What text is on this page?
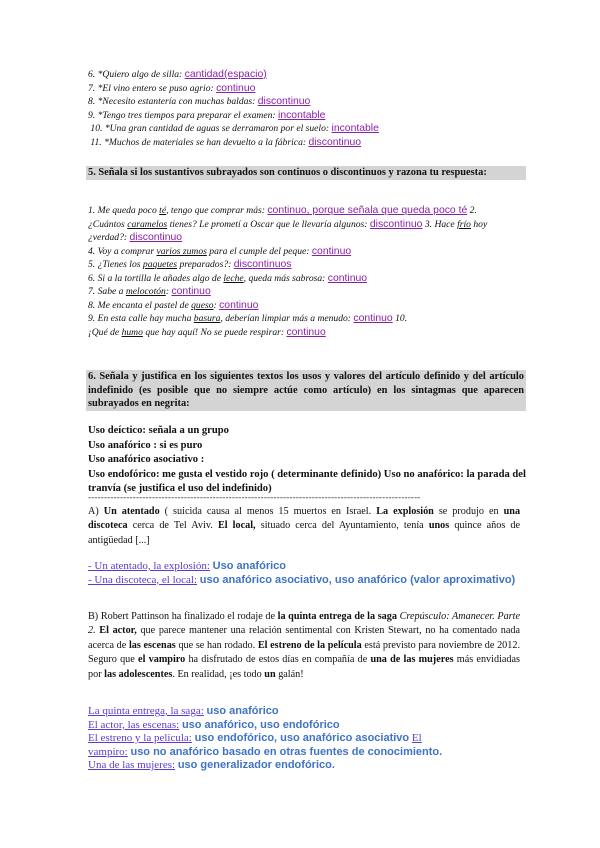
6. *Quiero algo de silla: cantidad(espacio)

7. *El vino entero se puso agrio: continuo

8. *Necesito estantería con muchas baldas: discontinuo

9. *Tengo tres tiempos para preparar el examen: incontable

10. *Una gran cantidad de aguas se derramaron por el suelo: incontable

11. *Muchos de materiales se han devuelto a la fábrica: discontinuo

5. Señala si los sustantivos subrayados son continuos o discontinuos y razona tu respuesta:

1. Me queda poco té, tengo que comprar más: continuo, porque señala que queda poco té 2.

¿Cuántos caramelos tienes? Le prometí a Oscar que le llevaría algunos: discontinuo 3. Hace frío hoy

¿verdad?: discontinuo

4. Voy a comprar varios zumos para el cumple del peque: continuo

5. ¿Tienes los paquetes preparados?: discontinuos

6. Si a la tortilla le añades algo de leche, queda más sabrosa: continuo

7. Sabe a melocotón: continuo

8. Me encanta el pastel de queso: continuo

9. En esta calle hay mucha basura, deberían limpiar más a menudo: continuo 10.

¡Qué de humo que hay aquí! No se puede respirar: continuo

6. Señala y justifica en los siguientes textos los usos y valores del artículo definido y del artículo indefinido (es posible que no siempre actúe como artículo) en los sintagmas que aparecen subrayados en negrita:

Uso deíctico: señala a un grupo

Uso anafórico : si es puro

Uso anafórico asociativo :

Uso endofórico: me gusta el vestido rojo ( determinante definido) Uso no anafórico: la parada del tranvía (se justifica el uso del indefinido)

--------------------------------------------------------------------------------------------------------

A) Un atentado ( suicida causa al menos 15 muertos en Israel. La explosión se produjo en una discoteca cerca de Tel Aviv. El local, situado cerca del Ayuntamiento, tenía unos quince años de antigüedad [...]

- Un atentado, la explosión: Uso anafórico

- Una discoteca, el local: uso anafórico asociativo, uso anafórico (valor aproximativo)

B) Robert Pattinson ha finalizado el rodaje de la quinta entrega de la saga Crepúsculo: Amanecer. Parte 2. El actor, que parece mantener una relación sentimental con Kristen Stewart, no ha comentado nada acerca de las escenas que se han rodado. El estreno de la película está previsto para noviembre de 2012. Seguro que el vampiro ha disfrutado de estos días en compañía de una de las mujeres más envidiadas por las adolescentes. En realidad, ¡es todo un galán!

La quinta entrega, la saga: uso anafórico

El actor, las escenas: uso anafórico, uso endofórico

El estreno y la película: uso endofórico, uso anafórico asociativo El

vampiro: uso no anafórico basado en otras fuentes de conocimiento.

Una de las mujeres: uso generalizador endofórico.
